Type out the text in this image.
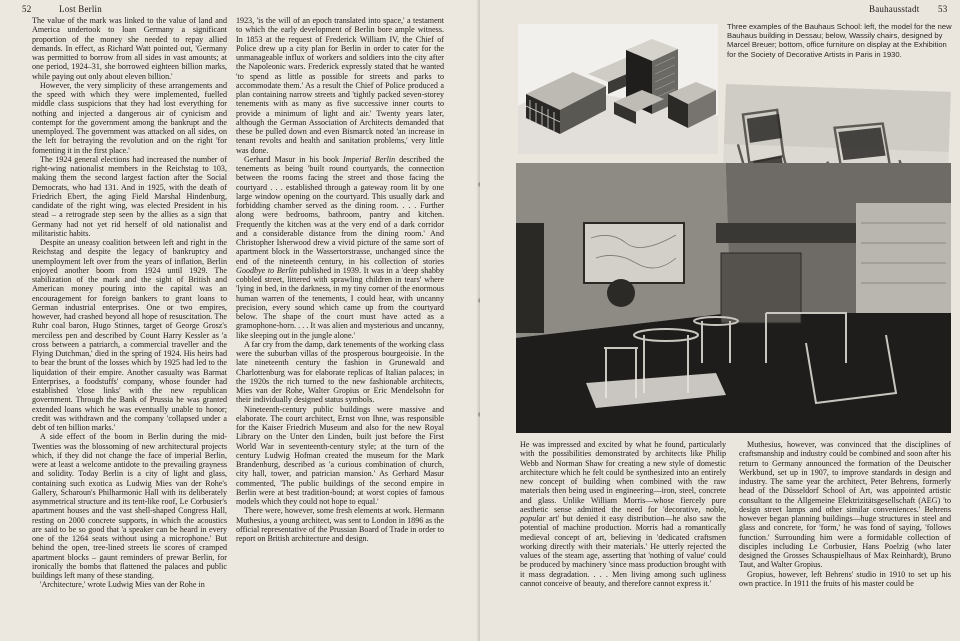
52	Lost Berlin

The value of the mark was linked to the value of land and America undertook to loan Germany a significant proportion of the money she needed to repay allied demands. In effect, as Richard Watt pointed out, 'Germany was permitted to borrow from all sides in vast amounts; at one period, 1924–31, she borrowed eighteen billion marks, while paying out only about eleven billion.'

However, the very simplicity of these arrangements and the speed with which they were implemented, fuelled middle class suspicions that they had lost everything for nothing and injected a dangerous air of cynicism and contempt for the government among the bankrupt and the unemployed. The government was attacked on all sides, on the left for betraying the revolution and on the right 'for fomenting it in the first place.'

The 1924 general elections had increased the number of right-wing nationalist members in the Reichstag to 103, making them the second largest faction after the Social Democrats, who had 131. And in 1925, with the death of Friedrich Ebert, the aging Field Marshal Hindenburg, candidate of the right wing, was elected President in his stead – a retrograde step seen by the allies as a sign that Germany had not yet rid herself of old nationalist and militaristic habits.

Despite an uneasy coalition between left and right in the Reichstag and despite the legacy of bankruptcy and unemployment left over from the years of inflation, Berlin enjoyed another boom from 1924 until 1929. The stabilization of the mark and the sight of British and American money pouring into the capital was an encouragement for foreign bankers to grant loans to German industrial enterprises. One or two empires, however, had crashed beyond all hope of resuscitation. The Ruhr coal baron, Hugo Stinnes, target of George Grosz's merciless pen and described by Count Harry Kessler as 'a cross between a patriarch, a commercial traveller and the Flying Dutchman,' died in the spring of 1924. His heirs had to bear the brunt of the losses which by 1925 had led to the liquidation of their empire. Another casualty was Barmat Enterprises, a foodstuffs' company, whose founder had established 'close links' with the new republican government. Through the Bank of Prussia he was granted extended loans which he was eventually unable to honor; credit was withdrawn and the company 'collapsed under a debt of ten billion marks.'

A side effect of the boom in Berlin during the mid-Twenties was the blossoming of new architectural projects which, if they did not change the face of imperial Berlin, were at least a welcome antidote to the prevailing grayness and solidity. Today Berlin is a city of light and glass, containing such exotica as Ludwig Mies van der Rohe's Gallery, Scharoun's Philharmonic Hall with its deliberately asymmetrical structure and its tent-like roof, Le Corbusier's apartment houses and the vast shell-shaped Congress Hall, resting on 2000 concrete supports, in which the acoustics are said to be so good that 'a speaker can be heard in every one of the 1264 seats without using a microphone.' But behind the open, tree-lined streets lie scores of cramped apartment blocks – gaunt reminders of prewar Berlin, for ironically the bombs that flattened the palaces and public buildings left many of these standing.

'Architecture,' wrote Ludwig Mies van der Rohe in

1923, 'is the will of an epoch translated into space,' a testament to which the early development of Berlin bore ample witness. In 1853 at the request of Frederick William IV, the Chief of Police drew up a city plan for Berlin in order to cater for the unmanageable influx of workers and soldiers into the city after the Napoleonic wars. Frederick expressly stated that he wanted 'to spend as little as possible for streets and parks to accommodate them.' As a result the Chief of Police produced a plan containing narrow streets and 'tightly packed seven-storey tenements with as many as five successive inner courts to provide a minimum of light and air.' Twenty years later, although the German Association of Architects demanded that these be pulled down and even Bismarck noted 'an increase in tenant revolts and health and sanitation problems,' very little was done.

Gerhard Masur in his book Imperial Berlin described the tenements as being 'built round courtyards, the connection between the rooms facing the street and those facing the courtyard . . . established through a gateway room lit by one large window opening on the courtyard. This usually dark and forbidding chamber served as the dining room. . . . Further along were bedrooms, bathroom, pantry and kitchen. Frequently the kitchen was at the very end of a dark corridor and a considerable distance from the dining room.' And Christopher Isherwood drew a vivid picture of the same sort of apartment block in the Wassertorstrasse, unchanged since the end of the nineteenth century, in his collection of stories Goodbye to Berlin published in 1939. It was in a 'deep shabby cobbled street, littered with sprawling children in tears' where 'lying in bed, in the darkness, in my tiny corner of the enormous human warren of the tenements, I could hear, with uncanny precision, every sound which came up from the courtyard below. The shape of the court must have acted as a gramophone-horn. . . . It was alien and mysterious and uncanny, like sleeping out in the jungle alone.'

A far cry from the damp, dark tenements of the working class were the suburban villas of the prosperous bourgeoisie. In the late nineteenth century the fashion in Grunewald and Charlottenburg was for elaborate replicas of Italian palaces; in the 1920s the rich turned to the new fashionable architects, Mies van der Rohe, Walter Gropius or Eric Mendelsohn for their individually designed status symbols.

Nineteenth-century public buildings were massive and elaborate. The court architect, Ernst von Ihne, was responsible for the Kaiser Friedrich Museum and also for the new Royal Library on the Unter den Linden, built just before the First World War in seventeenth-century style; at the turn of the century Ludwig Hofman created the museum for the Mark Brandenburg, described as 'a curious combination of church, city hall, tower, and patrician mansion.' As Gerhard Masur commented, 'The public buildings of the second empire in Berlin were at best tradition-bound; at worst copies of famous models which they could not hope to equal.'

There were, however, some fresh elements at work. Hermann Muthesius, a young architect, was sent to London in 1896 as the official representative of the Prussian Board of Trade in order to report on British architecture and design.

Bauhausstadt 53
Three examples of the Bauhaus School: left, the model for the new Bauhaus building in Dessau; below, Wassily chairs, designed by Marcel Breuer; bottom, office furniture on display at the Exhibition for the Society of Decorative Artists in Paris in 1930.

He was impressed and excited by what he found, particularly with the possibilities demonstrated by architects like Philip Webb and Norman Shaw for creating a new style of domestic architecture which he felt could be synthesized into an entirely new concept of building when combined with the raw materials then being used in engineering—iron, steel, concrete and glass. Unlike William Morris—whose fiercely pure aesthetic sense admitted the need for 'decorative, noble, popular art' but denied it easy distribution—he also saw the potential of machine production. Morris had a romantically medieval concept of art, believing in 'dedicated craftsmen working directly with their materials.' He utterly rejected the values of the steam age, asserting that 'nothing of value' could be produced by machinery 'since mass production brought with it mass degradation. . . . Men living among such ugliness cannot conceive of beauty, and therefore cannot express it.'

Muthesius, however, was convinced that the disciplines of craftsmanship and industry could be combined and soon after his return to Germany announced the formation of the Deutscher Werkbund, set up in 1907, to improve standards in design and industry. The same year the architect, Peter Behrens, formerly head of the Düsseldorf School of Art, was appointed artistic consultant to the Allgemeine Elektrizitätsgesellschaft (AEG) 'to design street lamps and other similar conveniences.' Behrens however began planning buildings—huge structures in steel and glass and concrete, for 'form,' he was fond of saying, 'follows function.' Surrounding him were a formidable collection of disciples including Le Corbusier, Hans Poelzig (who later designed the Grosses Schauspielhaus of Max Reinhardt), Bruno Taut, and Walter Gropius.

Gropius, however, left Behrens' studio in 1910 to set up his own practice. In 1911 the fruits of his master could be
